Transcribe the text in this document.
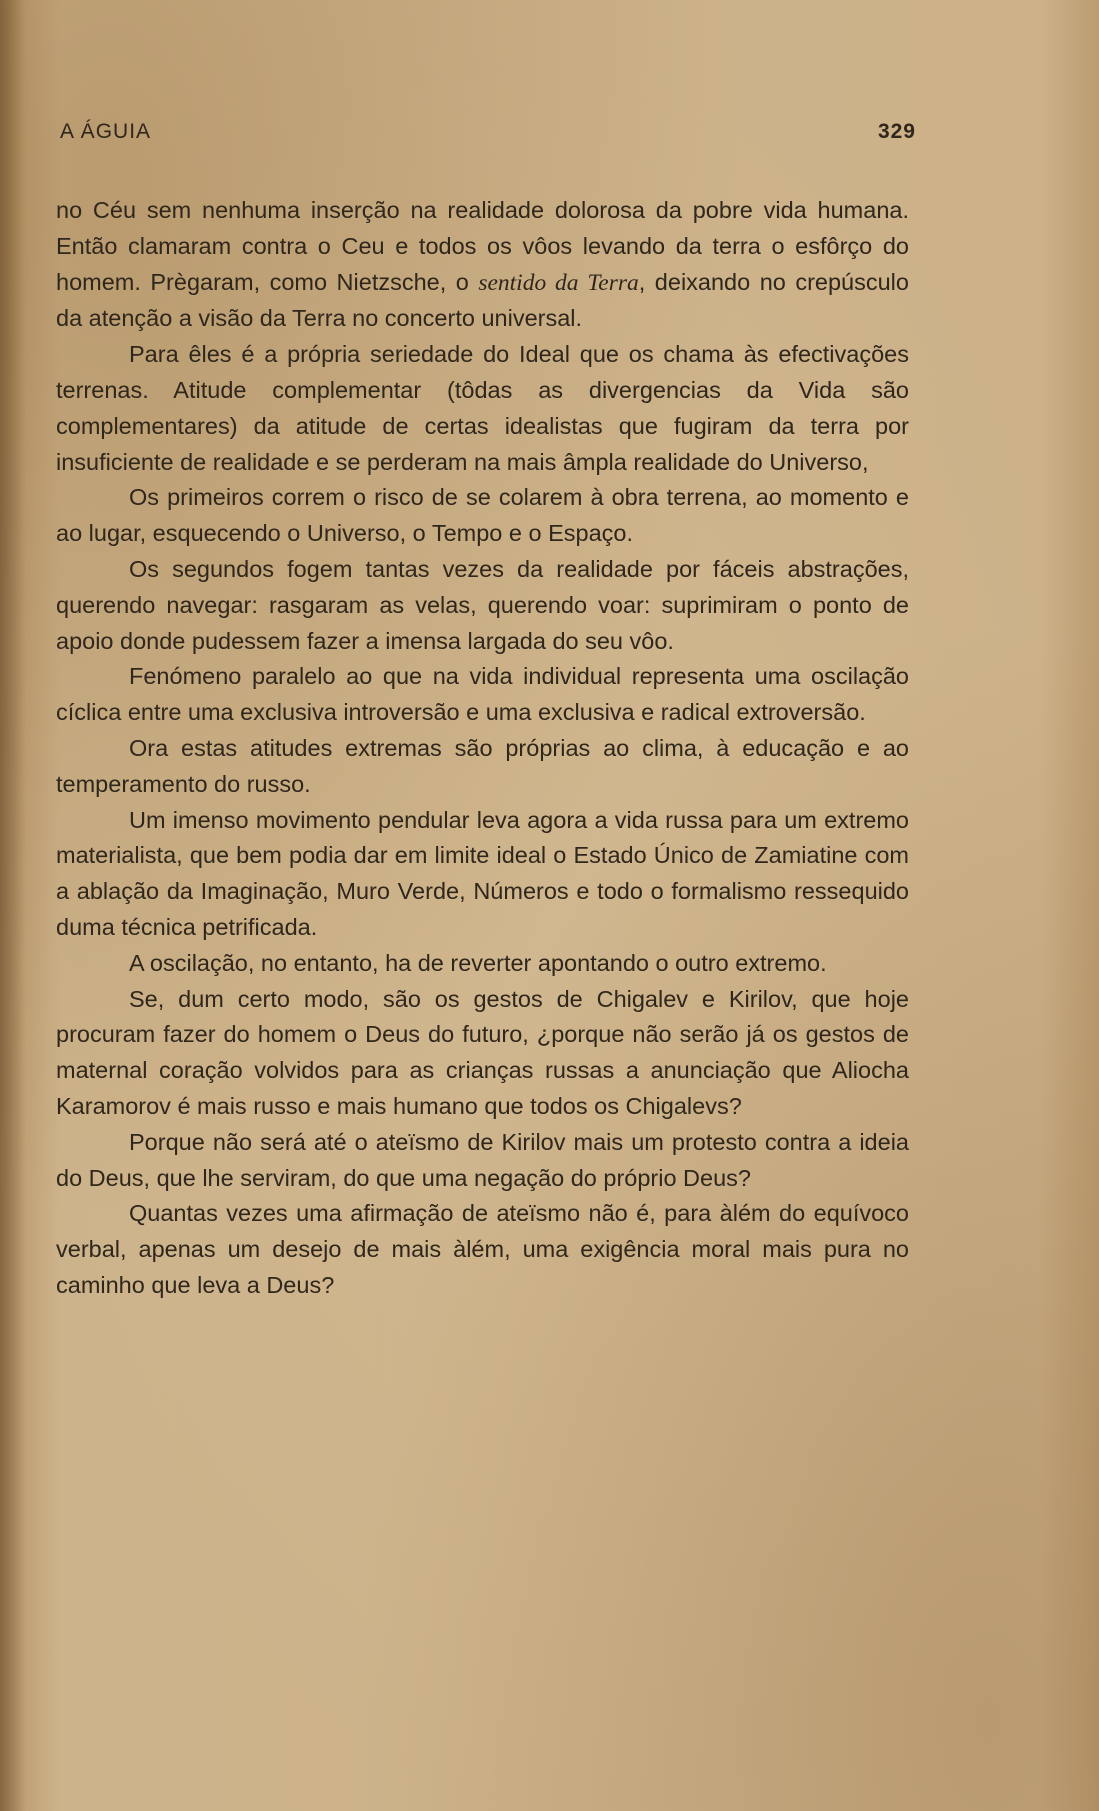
A ÁGUIA	329

no Céu sem nenhuma inserção na realidade dolorosa da pobre vida humana. Então clamaram contra o Ceu e todos os vôos levando da terra o esfôrço do homem. Prègaram, como Nietzsche, o sentido da Terra, deixando no crepúsculo da atenção a visão da Terra no concerto universal.

Para êles é a própria seriedade do Ideal que os chama às efectivações terrenas. Atitude complementar (tôdas as divergencias da Vida são complementares) da atitude de certas idealistas que fugiram da terra por insuficiente de realidade e se perderam na mais âmpla realidade do Universo,

Os primeiros correm o risco de se colarem à obra terrena, ao momento e ao lugar, esquecendo o Universo, o Tempo e o Espaço.

Os segundos fogem tantas vezes da realidade por fáceis abstrações, querendo navegar: rasgaram as velas, querendo voar: suprimiram o ponto de apoio donde pudessem fazer a imensa largada do seu vôo.

Fenómeno paralelo ao que na vida individual representa uma oscilação cíclica entre uma exclusiva introversão e uma exclusiva e radical extroversão.

Ora estas atitudes extremas são próprias ao clima, à educação e ao temperamento do russo.

Um imenso movimento pendular leva agora a vida russa para um extremo materialista, que bem podia dar em limite ideal o Estado Único de Zamiatine com a ablação da Imaginação, Muro Verde, Números e todo o formalismo ressequido duma técnica petrificada.

A oscilação, no entanto, ha de reverter apontando o outro extremo.

Se, dum certo modo, são os gestos de Chigalev e Kirilov, que hoje procuram fazer do homem o Deus do futuro, ¿porque não serão já os gestos de maternal coração volvidos para as crianças russas a anunciação que Aliocha Karamorov é mais russo e mais humano que todos os Chigalevs?

Porque não será até o ateïsmo de Kirilov mais um protesto contra a ideia do Deus, que lhe serviram, do que uma negação do próprio Deus?

Quantas vezes uma afirmação de ateïsmo não é, para àlém do equívoco verbal, apenas um desejo de mais àlém, uma exigência moral mais pura no caminho que leva a Deus?
